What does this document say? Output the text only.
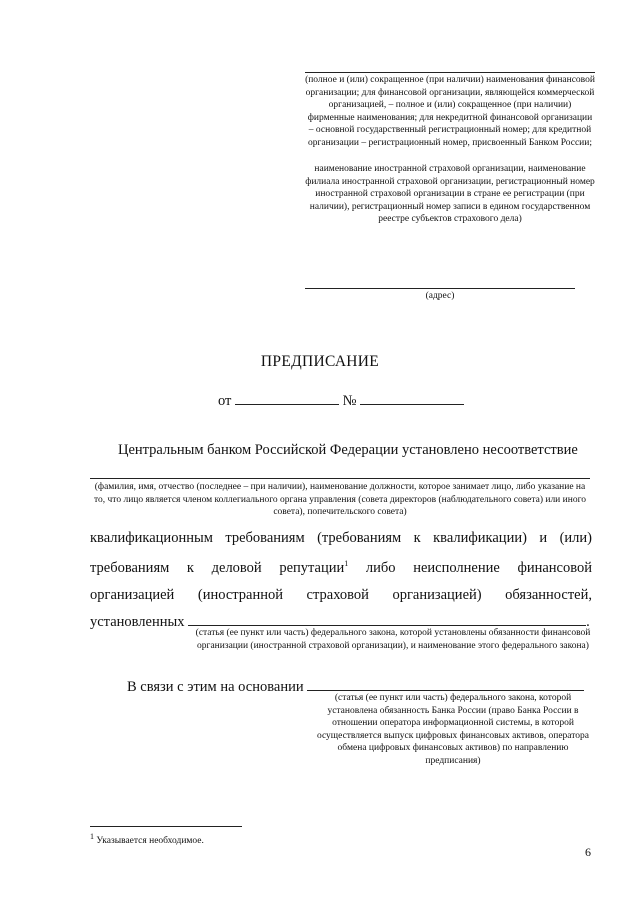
(полное и (или) сокращенное (при наличии) наименования финансовой организации; для финансовой организации, являющейся коммерческой организацией, – полное и (или) сокращенное (при наличии) фирменные наименования; для некредитной финансовой организации – основной государственный регистрационный номер; для кредитной организации – регистрационный номер, присвоенный Банком России;
наименование иностранной страховой организации, наименование филиала иностранной страховой организации, регистрационный номер иностранной страховой организации в стране ее регистрации (при наличии), регистрационный номер записи в едином государственном реестре субъектов страхового дела)
(адрес)
ПРЕДПИСАНИЕ
от	№
Центральным банком Российской Федерации установлено несоответствие
(фамилия, имя, отчество (последнее – при наличии), наименование должности, которое занимает лицо, либо указание на то, что лицо является членом коллегиального органа управления (совета директоров (наблюдательного совета) или иного совета), попечительского совета)
квалификационным требованиям (требованиям к квалификации) и (или)
требованиям к деловой репутации$^1$ либо неисполнение финансовой
организацией (иностранной страховой организацией) обязанностей,
установленных	.
(статья (ее пункт или часть) федерального закона, которой установлены обязанности финансовой организации (иностранной страховой организации), и наименование этого федерального закона)
В связи с этим на основании
(статья (ее пункт или часть) федерального закона, которой установлена обязанность Банка России (право Банка России в отношении оператора информационной системы, в которой осуществляется выпуск цифровых финансовых активов, оператора обмена цифровых финансовых активов) по направлению предписания)
$^1$ Указывается необходимое.
6
